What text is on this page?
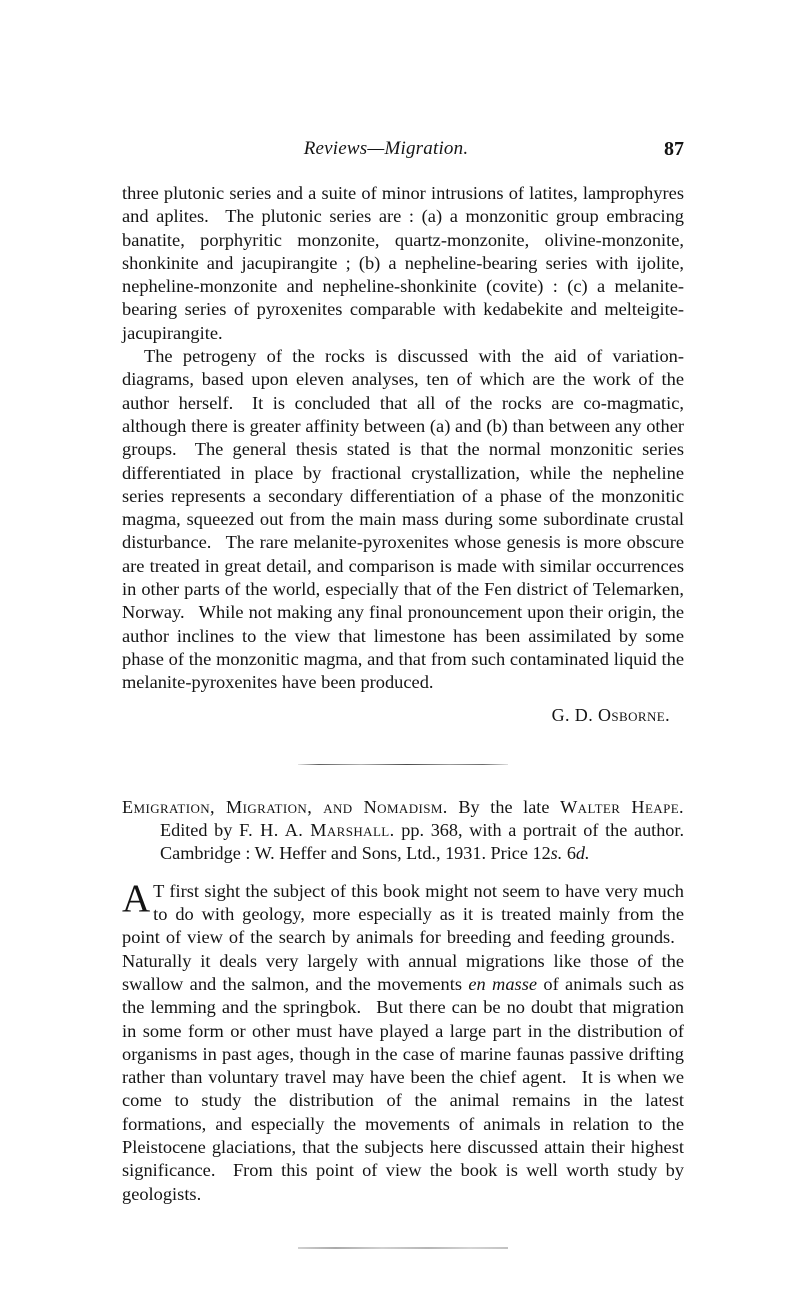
Reviews—Migration.	87

three plutonic series and a suite of minor intrusions of latites, lamprophyres and aplites.  The plutonic series are : (a) a monzonitic group embracing banatite, porphyritic monzonite, quartz-monzonite, olivine-monzonite, shonkinite and jacupirangite ; (b) a nepheline-bearing series with ijolite, nepheline-monzonite and nepheline-shonkinite (covite) : (c) a melanite-bearing series of pyroxenites comparable with kedabekite and melteigite-jacupirangite.

The petrogeny of the rocks is discussed with the aid of variation-diagrams, based upon eleven analyses, ten of which are the work of the author herself.  It is concluded that all of the rocks are co-magmatic, although there is greater affinity between (a) and (b) than between any other groups.  The general thesis stated is that the normal monzonitic series differentiated in place by fractional crystallization, while the nepheline series represents a secondary differentiation of a phase of the monzonitic magma, squeezed out from the main mass during some subordinate crustal disturbance.  The rare melanite-pyroxenites whose genesis is more obscure are treated in great detail, and comparison is made with similar occurrences in other parts of the world, especially that of the Fen district of Telemarken, Norway.  While not making any final pronouncement upon their origin, the author inclines to the view that limestone has been assimilated by some phase of the monzonitic magma, and that from such contaminated liquid the melanite-pyroxenites have been produced.

G. D. Osborne.
Emigration, Migration, and Nomadism. By the late Walter Heape. Edited by F. H. A. Marshall. pp. 368, with a portrait of the author. Cambridge : W. Heffer and Sons, Ltd., 1931. Price 12s. 6d.

A T first sight the subject of this book might not seem to have very much to do with geology, more especially as it is treated mainly from the point of view of the search by animals for breeding and feeding grounds.  Naturally it deals very largely with annual migrations like those of the swallow and the salmon, and the movements en masse of animals such as the lemming and the springbok.  But there can be no doubt that migration in some form or other must have played a large part in the distribution of organisms in past ages, though in the case of marine faunas passive drifting rather than voluntary travel may have been the chief agent.  It is when we come to study the distribution of the animal remains in the latest formations, and especially the movements of animals in relation to the Pleistocene glaciations, that the subjects here discussed attain their highest significance.  From this point of view the book is well worth study by geologists.
